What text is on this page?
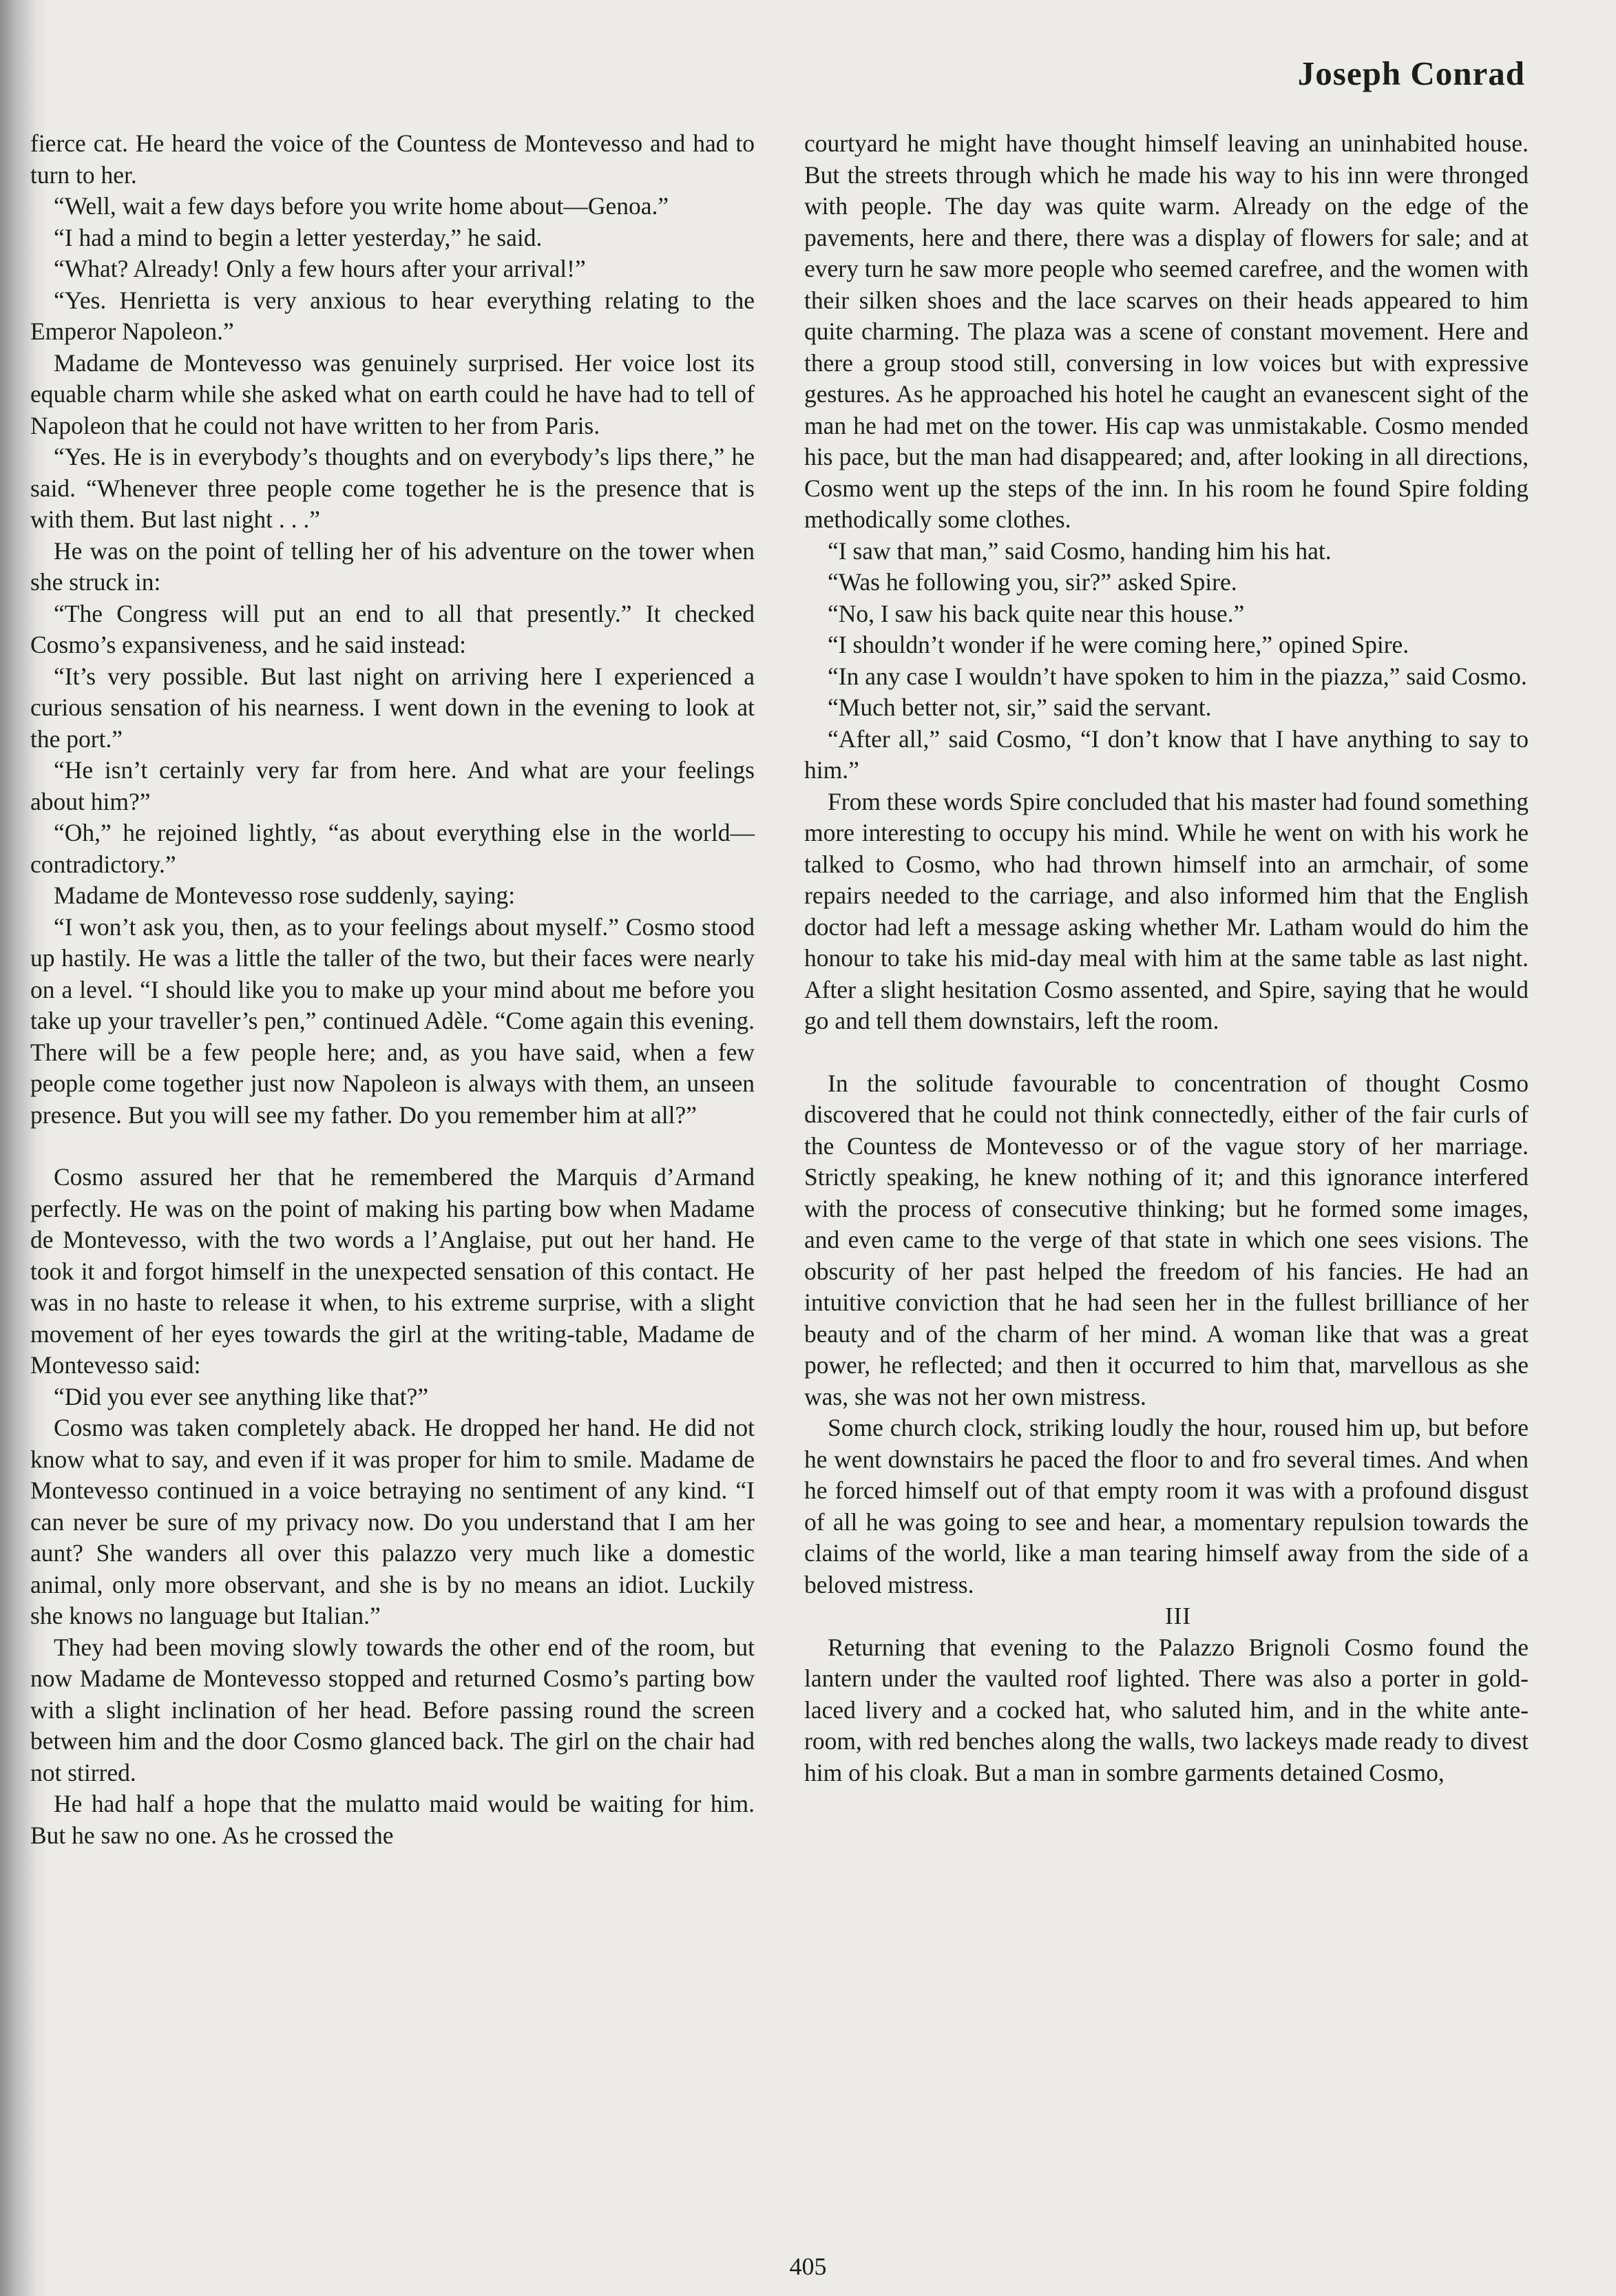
Joseph Conrad

fierce cat. He heard the voice of the Countess de Montevesso and had to turn to her.

“Well, wait a few days before you write home about—Genoa.”

“I had a mind to begin a letter yesterday,” he said.

“What? Already! Only a few hours after your arrival!”

“Yes. Henrietta is very anxious to hear everything relating to the Emperor Napoleon.”

Madame de Montevesso was genuinely surprised. Her voice lost its equable charm while she asked what on earth could he have had to tell of Napoleon that he could not have written to her from Paris.

“Yes. He is in everybody’s thoughts and on everybody’s lips there,” he said. “Whenever three people come together he is the presence that is with them. But last night . . .”

He was on the point of telling her of his adventure on the tower when she struck in:

“The Congress will put an end to all that presently.” It checked Cosmo’s expansiveness, and he said instead:

“It’s very possible. But last night on arriving here I experienced a curious sensation of his nearness. I went down in the evening to look at the port.”

“He isn’t certainly very far from here. And what are your feelings about him?”

“Oh,” he rejoined lightly, “as about everything else in the world—contradictory.”

Madame de Montevesso rose suddenly, saying:

“I won’t ask you, then, as to your feelings about myself.” Cosmo stood up hastily. He was a little the taller of the two, but their faces were nearly on a level. “I should like you to make up your mind about me before you take up your traveller’s pen,” continued Adèle. “Come again this evening. There will be a few people here; and, as you have said, when a few people come together just now Napoleon is always with them, an unseen presence. But you will see my father. Do you remember him at all?”

Cosmo assured her that he remembered the Marquis d’Armand perfectly. He was on the point of making his parting bow when Madame de Montevesso, with the two words a l’Anglaise, put out her hand. He took it and forgot himself in the unexpected sensation of this contact. He was in no haste to release it when, to his extreme surprise, with a slight movement of her eyes towards the girl at the writing-table, Madame de Montevesso said:

“Did you ever see anything like that?”

Cosmo was taken completely aback. He dropped her hand. He did not know what to say, and even if it was proper for him to smile. Madame de Montevesso continued in a voice betraying no sentiment of any kind. “I can never be sure of my privacy now. Do you understand that I am her aunt? She wanders all over this palazzo very much like a domestic animal, only more observant, and she is by no means an idiot. Luckily she knows no language but Italian.”

They had been moving slowly towards the other end of the room, but now Madame de Montevesso stopped and returned Cosmo’s parting bow with a slight inclination of her head. Before passing round the screen between him and the door Cosmo glanced back. The girl on the chair had not stirred.

He had half a hope that the mulatto maid would be waiting for him. But he saw no one. As he crossed the

courtyard he might have thought himself leaving an uninhabited house. But the streets through which he made his way to his inn were thronged with people. The day was quite warm. Already on the edge of the pavements, here and there, there was a display of flowers for sale; and at every turn he saw more people who seemed carefree, and the women with their silken shoes and the lace scarves on their heads appeared to him quite charming. The plaza was a scene of constant movement. Here and there a group stood still, conversing in low voices but with expressive gestures. As he approached his hotel he caught an evanescent sight of the man he had met on the tower. His cap was unmistakable. Cosmo mended his pace, but the man had disappeared; and, after looking in all directions, Cosmo went up the steps of the inn. In his room he found Spire folding methodically some clothes.

“I saw that man,” said Cosmo, handing him his hat.

“Was he following you, sir?” asked Spire.

“No, I saw his back quite near this house.”

“I shouldn’t wonder if he were coming here,” opined Spire.

“In any case I wouldn’t have spoken to him in the piazza,” said Cosmo.

“Much better not, sir,” said the servant.

“After all,” said Cosmo, “I don’t know that I have anything to say to him.”

From these words Spire concluded that his master had found something more interesting to occupy his mind. While he went on with his work he talked to Cosmo, who had thrown himself into an armchair, of some repairs needed to the carriage, and also informed him that the English doctor had left a message asking whether Mr. Latham would do him the honour to take his mid-day meal with him at the same table as last night. After a slight hesitation Cosmo assented, and Spire, saying that he would go and tell them downstairs, left the room.

In the solitude favourable to concentration of thought Cosmo discovered that he could not think connectedly, either of the fair curls of the Countess de Montevesso or of the vague story of her marriage. Strictly speaking, he knew nothing of it; and this ignorance interfered with the process of consecutive thinking; but he formed some images, and even came to the verge of that state in which one sees visions. The obscurity of her past helped the freedom of his fancies. He had an intuitive conviction that he had seen her in the fullest brilliance of her beauty and of the charm of her mind. A woman like that was a great power, he reflected; and then it occurred to him that, marvellous as she was, she was not her own mistress.

Some church clock, striking loudly the hour, roused him up, but before he went downstairs he paced the floor to and fro several times. And when he forced himself out of that empty room it was with a profound disgust of all he was going to see and hear, a momentary repulsion towards the claims of the world, like a man tearing himself away from the side of a beloved mistress.

III

Returning that evening to the Palazzo Brignoli Cosmo found the lantern under the vaulted roof lighted. There was also a porter in gold-laced livery and a cocked hat, who saluted him, and in the white ante-room, with red benches along the walls, two lackeys made ready to divest him of his cloak. But a man in sombre garments detained Cosmo,

405
